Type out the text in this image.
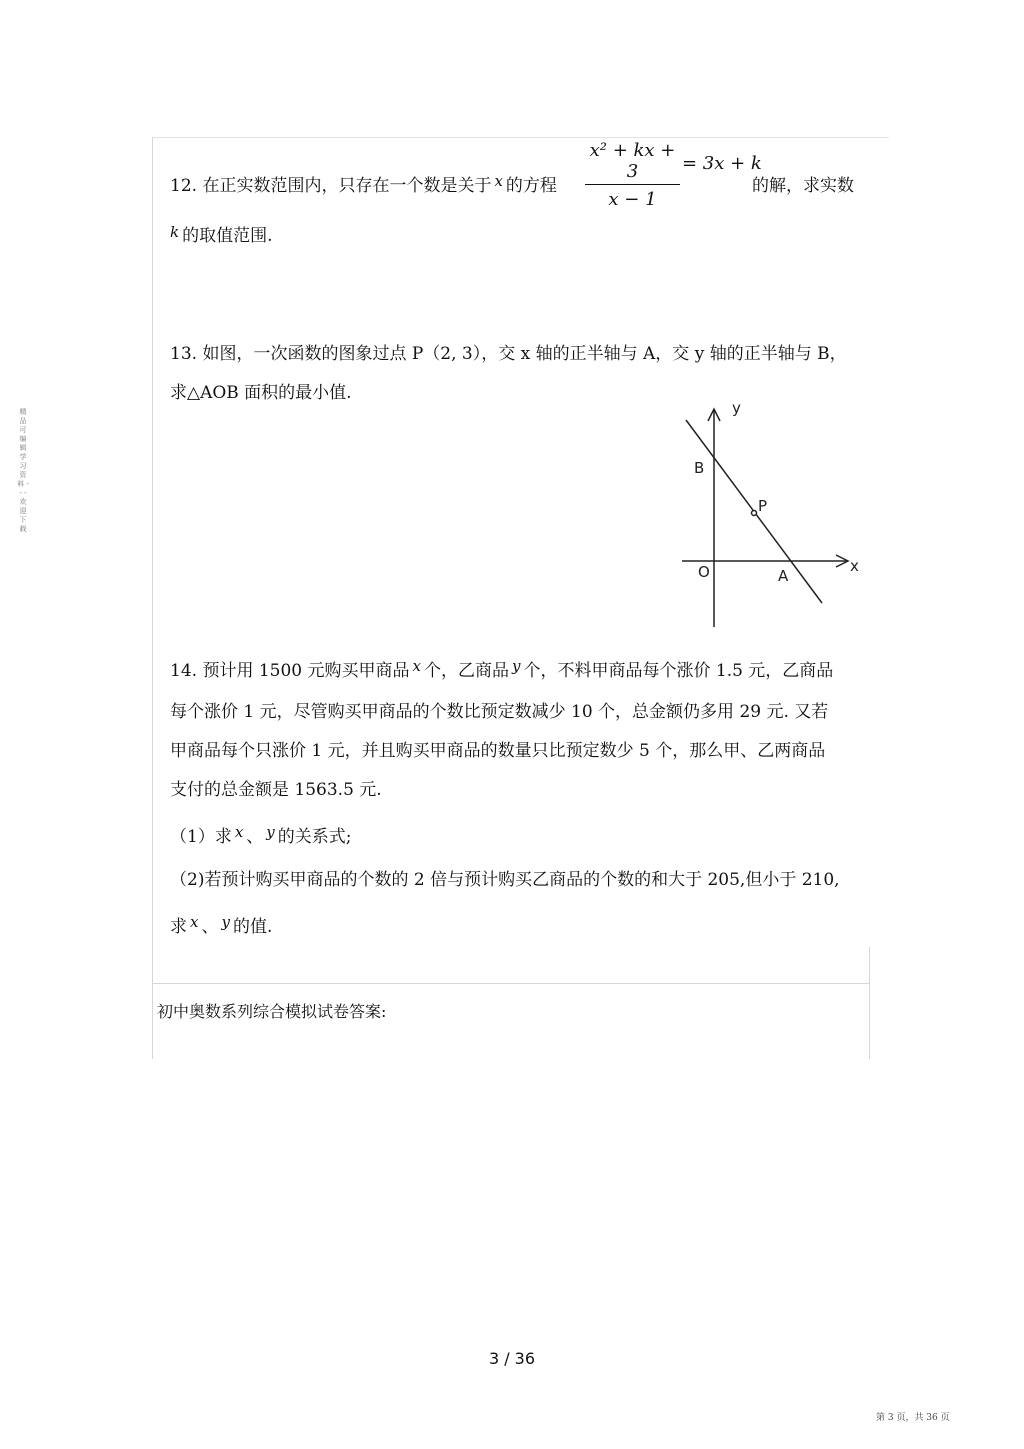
精品可编辑学习资料 - - - 欢迎下载
12. 在正实数范围内，只存在一个数是关于 x 的方程 $\frac{\text{x² + kx + 3}}{x - 1} = 3x + k$
的解，求实数
k 的取值范围.
13. 如图，一次函数的图象过点 P（2, 3），交 x 轴的正半轴与 A，交 y 轴的正半轴与 B，
求△AOB 面积的最小值.
y
x
O	A
B
P
14. 预计用 1500 元购买甲商品 x 个，乙商品 y 个，不料甲商品每个涨价 1.5 元，乙商品
每个涨价 1 元，尽管购买甲商品的个数比预定数减少 10 个，总金额仍多用 29 元. 又若
甲商品每个只涨价 1 元，并且购买甲商品的数量只比预定数少 5 个，那么甲、乙两商品
支付的总金额是 1563.5 元.
（1）求 x 、 y 的关系式;
（2)若预计购买甲商品的个数的 2 倍与预计购买乙商品的个数的和大于 205,但小于 210,
求 x 、 y 的值.
初中奥数系列综合模拟试卷答案:
3 / 36
第 3 页，共 36 页
